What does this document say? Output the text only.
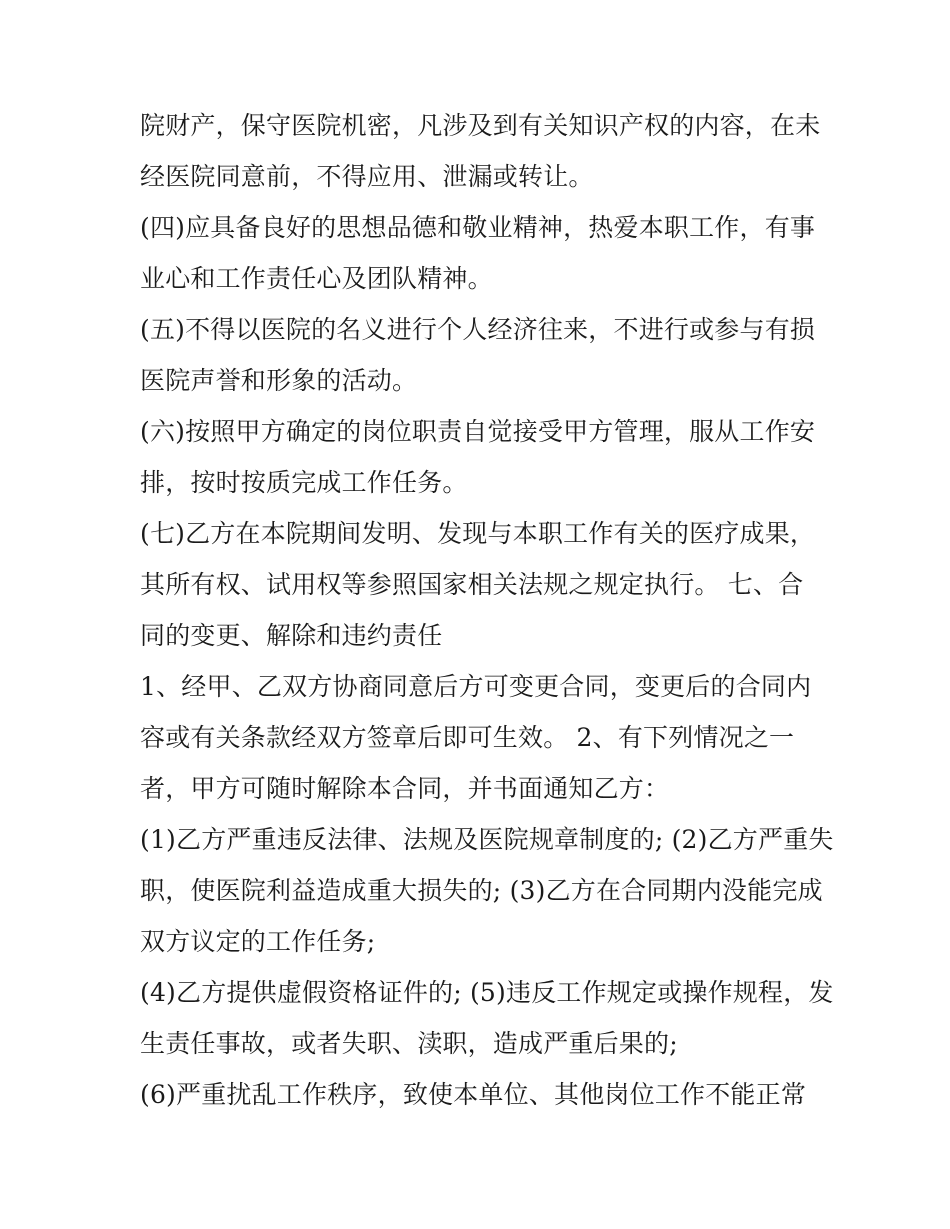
院财产，保守医院机密，凡涉及到有关知识产权的内容，在未
经医院同意前，不得应用、泄漏或转让。
(四)应具备良好的思想品德和敬业精神，热爱本职工作，有事
业心和工作责任心及团队精神。
(五)不得以医院的名义进行个人经济往来，不进行或参与有损
医院声誉和形象的活动。
(六)按照甲方确定的岗位职责自觉接受甲方管理，服从工作安
排，按时按质完成工作任务。
(七)乙方在本院期间发明、发现与本职工作有关的医疗成果，
其所有权、试用权等参照国家相关法规之规定执行。 七、合
同的变更、解除和违约责任
1、经甲、乙双方协商同意后方可变更合同，变更后的合同内
容或有关条款经双方签章后即可生效。 2、有下列情况之一
者，甲方可随时解除本合同，并书面通知乙方：
(1)乙方严重违反法律、法规及医院规章制度的; (2)乙方严重失
职，使医院利益造成重大损失的; (3)乙方在合同期内没能完成
双方议定的工作任务;
(4)乙方提供虚假资格证件的; (5)违反工作规定或操作规程，发
生责任事故，或者失职、渎职，造成严重后果的;
(6)严重扰乱工作秩序，致使本单位、其他岗位工作不能正常
